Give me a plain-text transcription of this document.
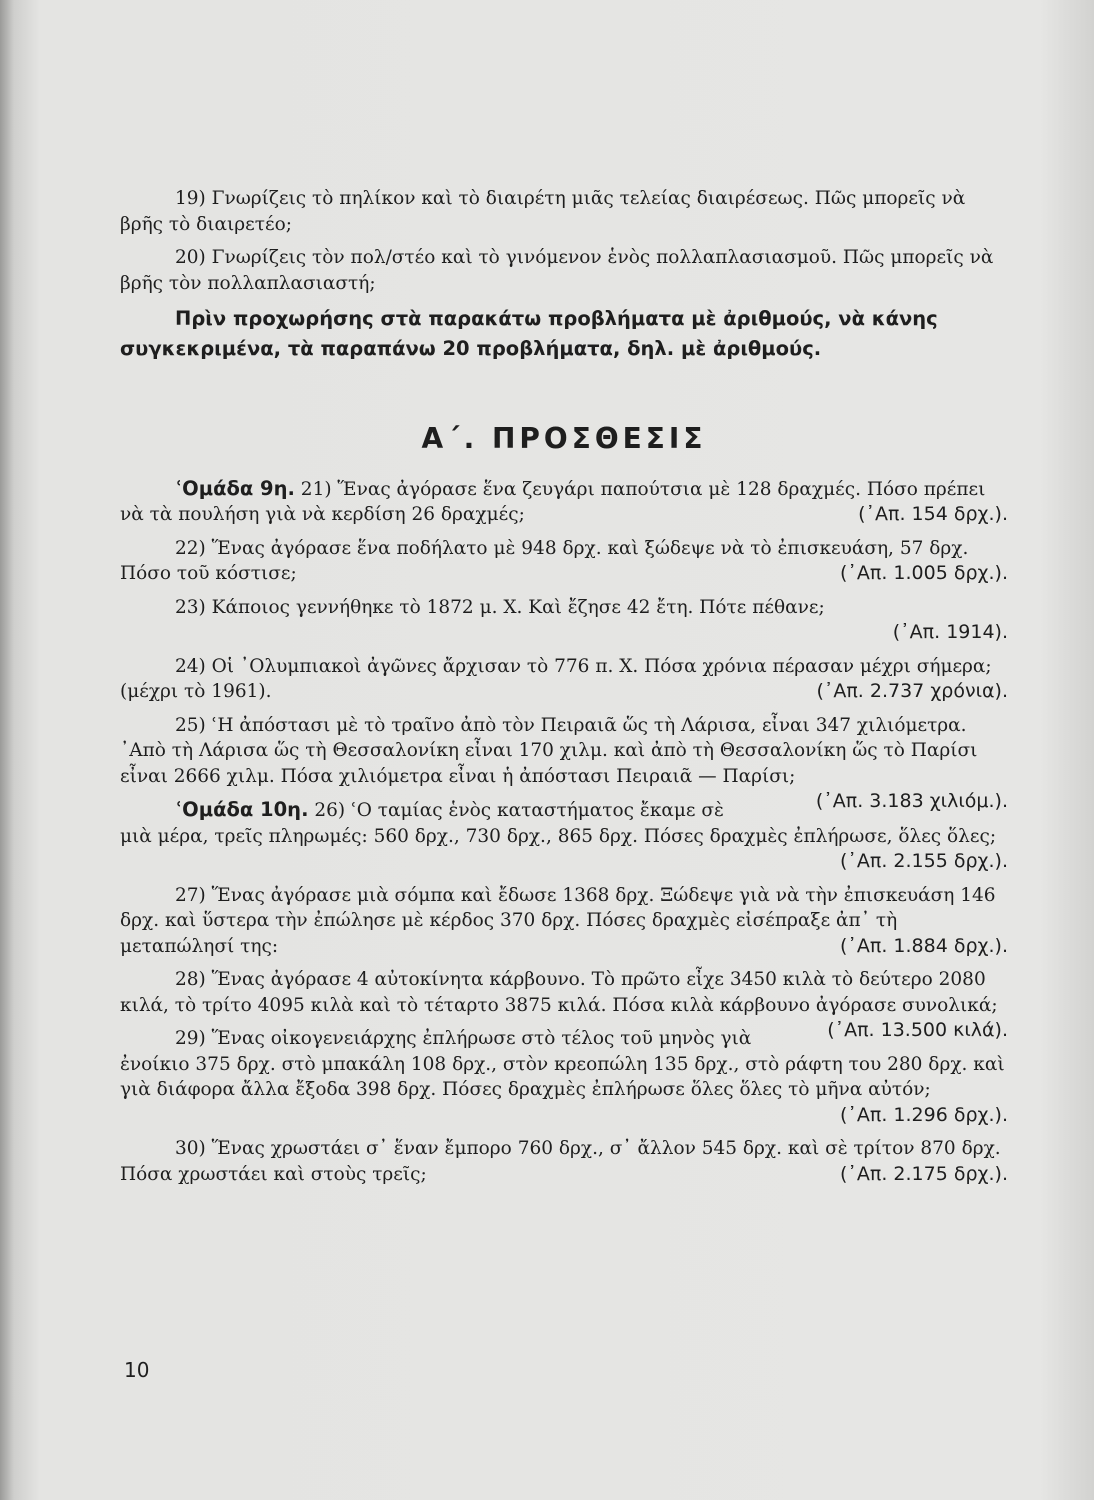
19) Γνωρίζεις τὸ πηλίκον καὶ τὸ διαιρέτη μιᾶς τελείας διαιρέσεως. Πῶς μπορεῖς νὰ βρῆς τὸ διαιρετέο;

20) Γνωρίζεις τὸν πολ/στέο καὶ τὸ γινόμενον ἑνὸς πολλαπλασιασμοῦ. Πῶς μπορεῖς νὰ βρῆς τὸν πολλαπλασιαστή;

Πρὶν προχωρήσης στὰ παρακάτω προβλήματα μὲ ἀριθμούς, νὰ κάνης συγκεκριμένα, τὰ παραπάνω 20 προβλήματα, δηλ. μὲ ἀριθμούς.

Α΄. ΠΡΟΣΘΕΣΙΣ

ʿΟμάδα 9η. 21) Ἕνας ἀγόρασε ἕνα ζευγάρι παπούτσια μὲ 128 δραχμές. Πόσο πρέπει νὰ τὰ πουλήση γιὰ νὰ κερδίση 26 δραχμές;	(᾽Απ. 154 δρχ.).

22) Ἕνας ἀγόρασε ἕνα ποδήλατο μὲ 948 δρχ. καὶ ξώδεψε νὰ τὸ ἐπισκευάση, 57 δρχ. Πόσο τοῦ κόστισε;	(᾽Απ. 1.005 δρχ.).

23) Κάποιος γεννήθηκε τὸ 1872 μ. Χ. Καὶ ἔζησε 42 ἔτη. Πότε πέθανε;

(᾽Απ. 1914).

24) Οἱ ᾽Ολυμπιακοὶ ἀγῶνες ἄρχισαν τὸ 776 π. Χ. Πόσα χρόνια πέρασαν μέχρι σήμερα; (μέχρι τὸ 1961).	(᾽Απ. 2.737 χρόνια).

25) ʿΗ ἀπόστασι μὲ τὸ τραῖνο ἀπὸ τὸν Πειραιᾶ ὥς τὴ Λάρισα, εἶναι 347 χιλιόμετρα. ᾽Απὸ τὴ Λάρισα ὥς τὴ Θεσσαλονίκη εἶναι 170 χιλμ. καὶ ἀπὸ τὴ Θεσσαλονίκη ὥς τὸ Παρίσι εἶναι 2666 χιλμ. Πόσα χιλιόμετρα εἶναι ἡ ἀπόστασι Πειραιᾶ — Παρίσι;
(᾽Απ. 3.183 χιλιόμ.).

ʿΟμάδα 10η. 26) ʿΟ ταμίας ἑνὸς καταστήματος ἔκαμε σὲ μιὰ μέρα, τρεῖς πληρωμές: 560 δρχ., 730 δρχ., 865 δρχ. Πόσες δραχμὲς ἐπλήρωσε, ὅλες ὅλες;

(᾽Απ. 2.155 δρχ.).

27) Ἕνας ἀγόρασε μιὰ σόμπα καὶ ἔδωσε 1368 δρχ. Ξώδεψε γιὰ νὰ τὴν ἐπισκευάση 146 δρχ. καὶ ὕστερα τὴν ἐπώλησε μὲ κέρδος 370 δρχ. Πόσες δραχμὲς εἰσέπραξε ἀπ᾽ τὴ μεταπώλησί της:	(᾽Απ. 1.884 δρχ.).

28) Ἕνας ἀγόρασε 4 αὐτοκίνητα κάρβουνο. Τὸ πρῶτο εἶχε 3450 κιλὰ τὸ δεύτερο 2080 κιλά, τὸ τρίτο 4095 κιλὰ καὶ τὸ τέταρτο 3875 κιλά. Πόσα κιλὰ κάρβουνο ἀγόρασε συνολικά;
(᾽Απ. 13.500 κιλά).

29) Ἕνας οἰκογενειάρχης ἐπλήρωσε στὸ τέλος τοῦ μηνὸς γιὰ ἐνοίκιο 375 δρχ. στὸ μπακάλη 108 δρχ., στὸν κρεοπώλη 135 δρχ., στὸ ράφτη του 280 δρχ. καὶ γιὰ διάφορα ἄλλα ἔξοδα 398 δρχ. Πόσες δραχμὲς ἐπλήρωσε ὅλες ὅλες τὸ μῆνα αὐτόν;

(᾽Απ. 1.296 δρχ.).

30) Ἕνας χρωστάει σ᾽ ἕναν ἔμπορο 760 δρχ., σ᾽ ἄλλον 545 δρχ. καὶ σὲ τρίτον 870 δρχ. Πόσα χρωστάει καὶ στοὺς τρεῖς;	(᾽Απ. 2.175 δρχ.).

10
